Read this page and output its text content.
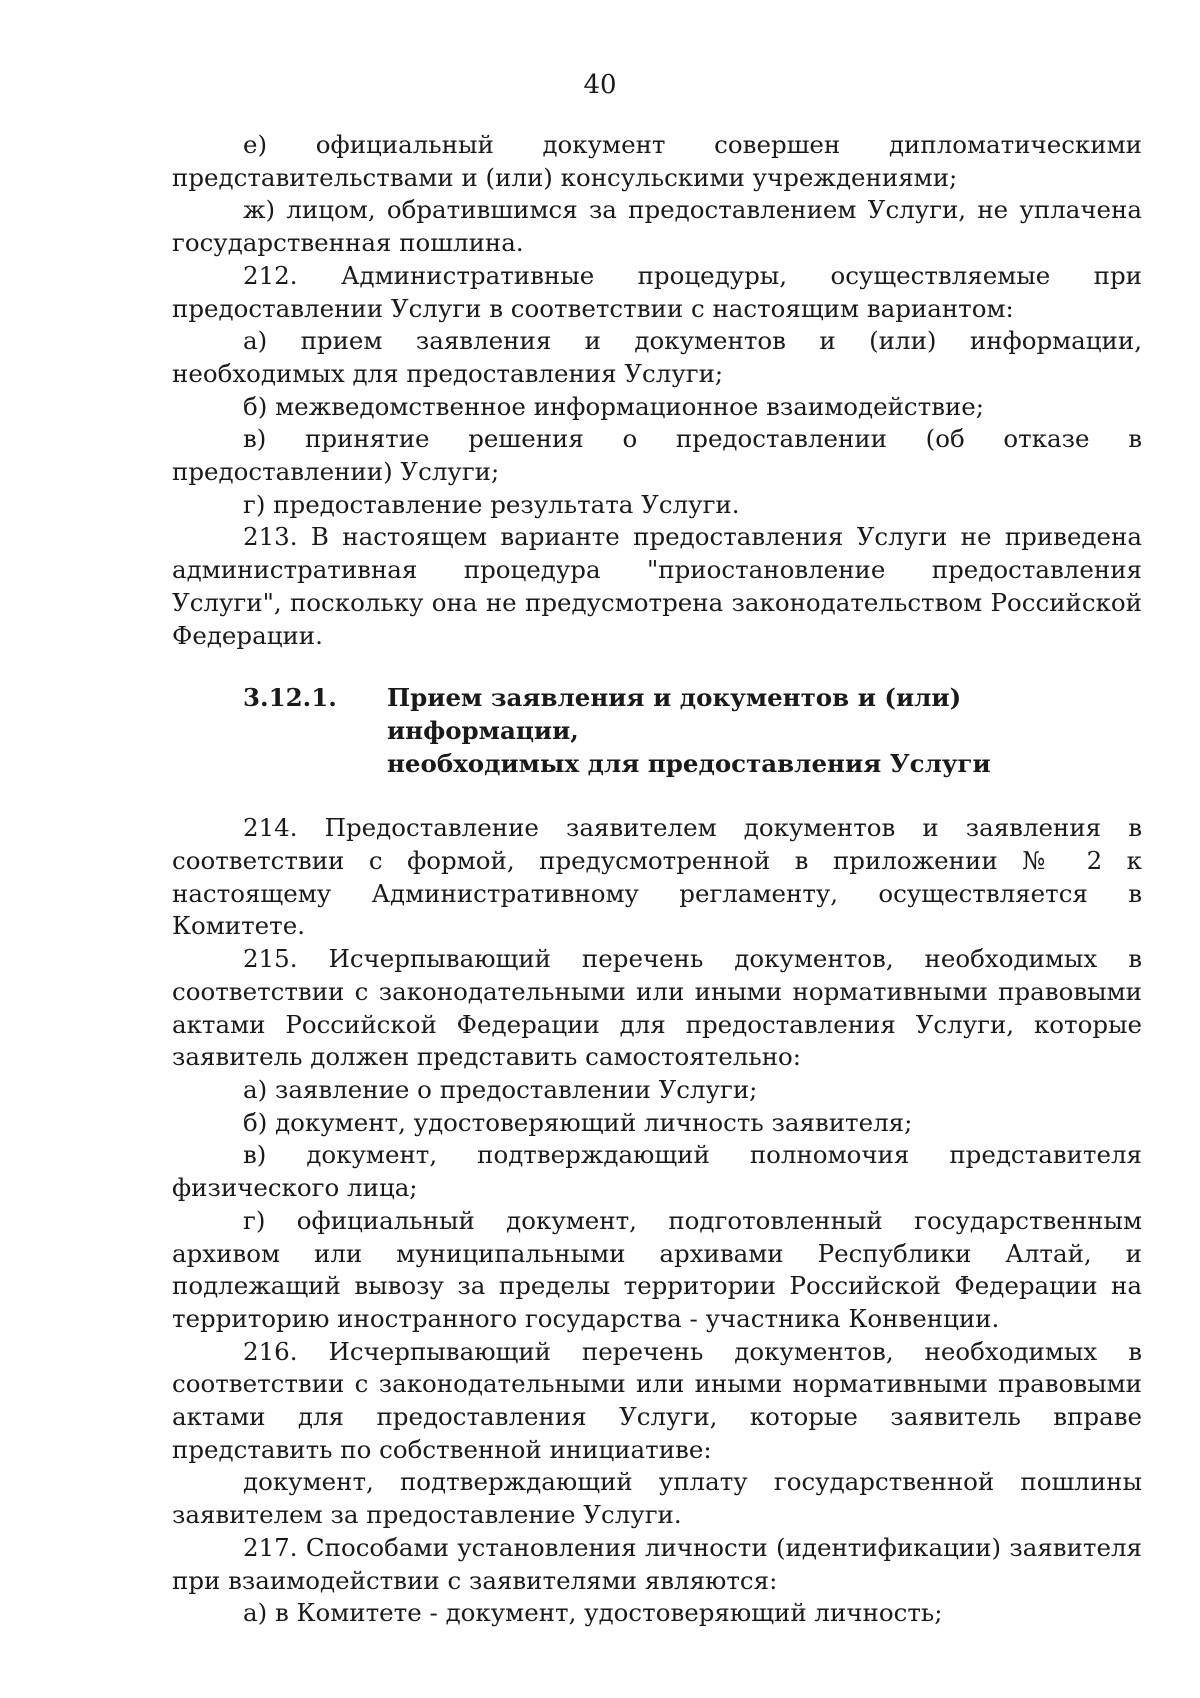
40

е) официальный документ совершен дипломатическими представительствами и (или) консульскими учреждениями;

ж) лицом, обратившимся за предоставлением Услуги, не уплачена государственная пошлина.

212. Административные процедуры, осуществляемые при предоставлении Услуги в соответствии с настоящим вариантом:

а) прием заявления и документов и (или) информации, необходимых для предоставления Услуги;

б) межведомственное информационное взаимодействие;

в) принятие решения о предоставлении (об отказе в предоставлении) Услуги;

г) предоставление результата Услуги.

213. В настоящем варианте предоставления Услуги не приведена административная процедура "приостановление предоставления Услуги", поскольку она не предусмотрена законодательством Российской Федерации.

3.12.1.	Прием заявления и документов и (или) информации,
необходимых для предоставления Услуги

214. Предоставление заявителем документов и заявления в соответствии с формой, предусмотренной в приложении № 2 к настоящему Административному регламенту, осуществляется в Комитете.

215. Исчерпывающий перечень документов, необходимых в соответствии с законодательными или иными нормативными правовыми актами Российской Федерации для предоставления Услуги, которые заявитель должен представить самостоятельно:

а) заявление о предоставлении Услуги;

б) документ, удостоверяющий личность заявителя;

в) документ, подтверждающий полномочия представителя физического лица;

г) официальный документ, подготовленный государственным архивом или муниципальными архивами Республики Алтай, и подлежащий вывозу за пределы территории Российской Федерации на территорию иностранного государства - участника Конвенции.

216. Исчерпывающий перечень документов, необходимых в соответствии с законодательными или иными нормативными правовыми актами для предоставления Услуги, которые заявитель вправе представить по собственной инициативе:

документ, подтверждающий уплату государственной пошлины заявителем за предоставление Услуги.

217. Способами установления личности (идентификации) заявителя при взаимодействии с заявителями являются:

а) в Комитете - документ, удостоверяющий личность;
